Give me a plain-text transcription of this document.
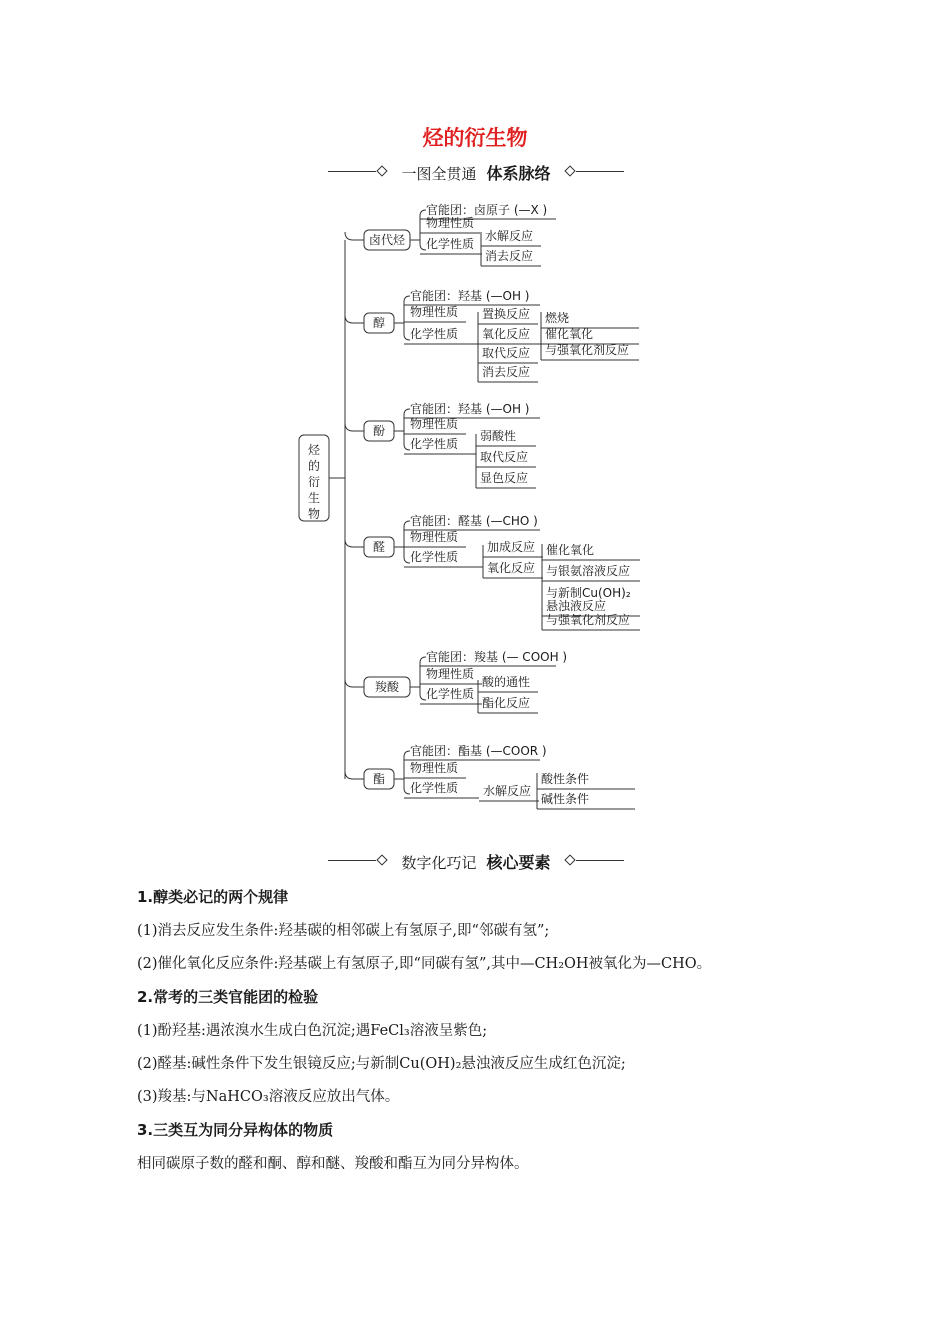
烃的衍生物
一图全贯通 体系脉络
烃
的
衍
生
物
卤代烃
官能团：卤原子 (—X )
物理性质
化学性质
水解反应
消去反应
醇
官能团：羟基 (—OH )
物理性质
化学性质
置换反应
氧化反应
取代反应
消去反应
燃烧
催化氧化
与强氧化剂反应
酚
官能团：羟基 (—OH )
物理性质
化学性质
弱酸性
取代反应
显色反应
醛
官能团：醛基 (—CHO )
物理性质
化学性质
加成反应
氧化反应
催化氧化
与银氨溶液反应
与新制Cu(OH)₂
悬浊液反应
与强氧化剂反应
羧酸
官能团：羧基 (— COOH )
物理性质
化学性质
酸的通性
酯化反应
酯
官能团：酯基 (—COOR )
物理性质
化学性质 水解反应
酸性条件
碱性条件
数字化巧记 核心要素
1.醇类必记的两个规律
(1)消去反应发生条件:羟基碳的相邻碳上有氢原子,即“邻碳有氢”;
(2)催化氧化反应条件:羟基碳上有氢原子,即“同碳有氢”,其中—CH₂OH被氧化为—CHO。
2.常考的三类官能团的检验
(1)酚羟基:遇浓溴水生成白色沉淀;遇FeCl₃溶液呈紫色;
(2)醛基:碱性条件下发生银镜反应;与新制Cu(OH)₂悬浊液反应生成红色沉淀;
(3)羧基:与NaHCO₃溶液反应放出气体。
3.三类互为同分异构体的物质
相同碳原子数的醛和酮、醇和醚、羧酸和酯互为同分异构体。
